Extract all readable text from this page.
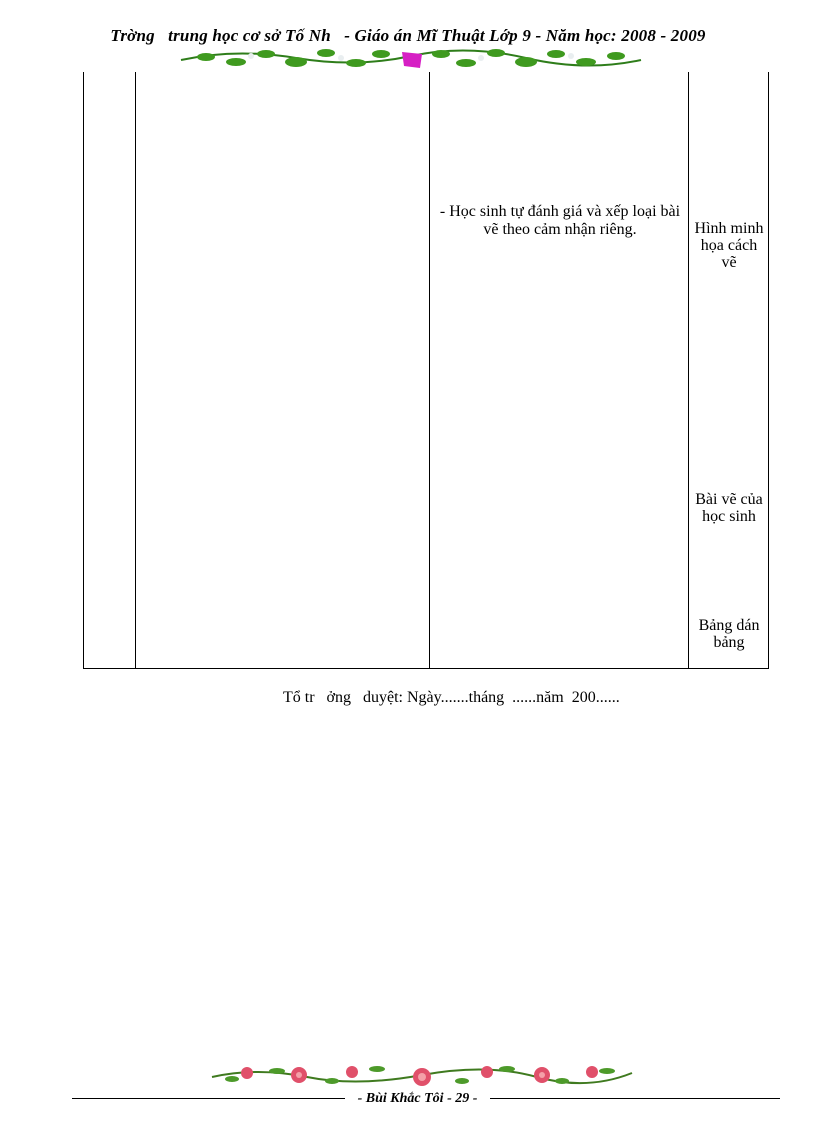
Trờng   trung học cơ sở Tố Nh   - Giáo án Mĩ Thuật Lớp 9 - Năm học: 2008 - 2009
- Học sinh tự đánh giá và xếp loại bài vẽ theo cảm nhận riêng.	Hình minh họa cách vẽ
Bài vẽ của học sinh
Bảng dán bảng
Tổ tr   ởng   duyệt: Ngày.......tháng  ......năm  200......
- Bùi Khắc Tôi - 29 -
